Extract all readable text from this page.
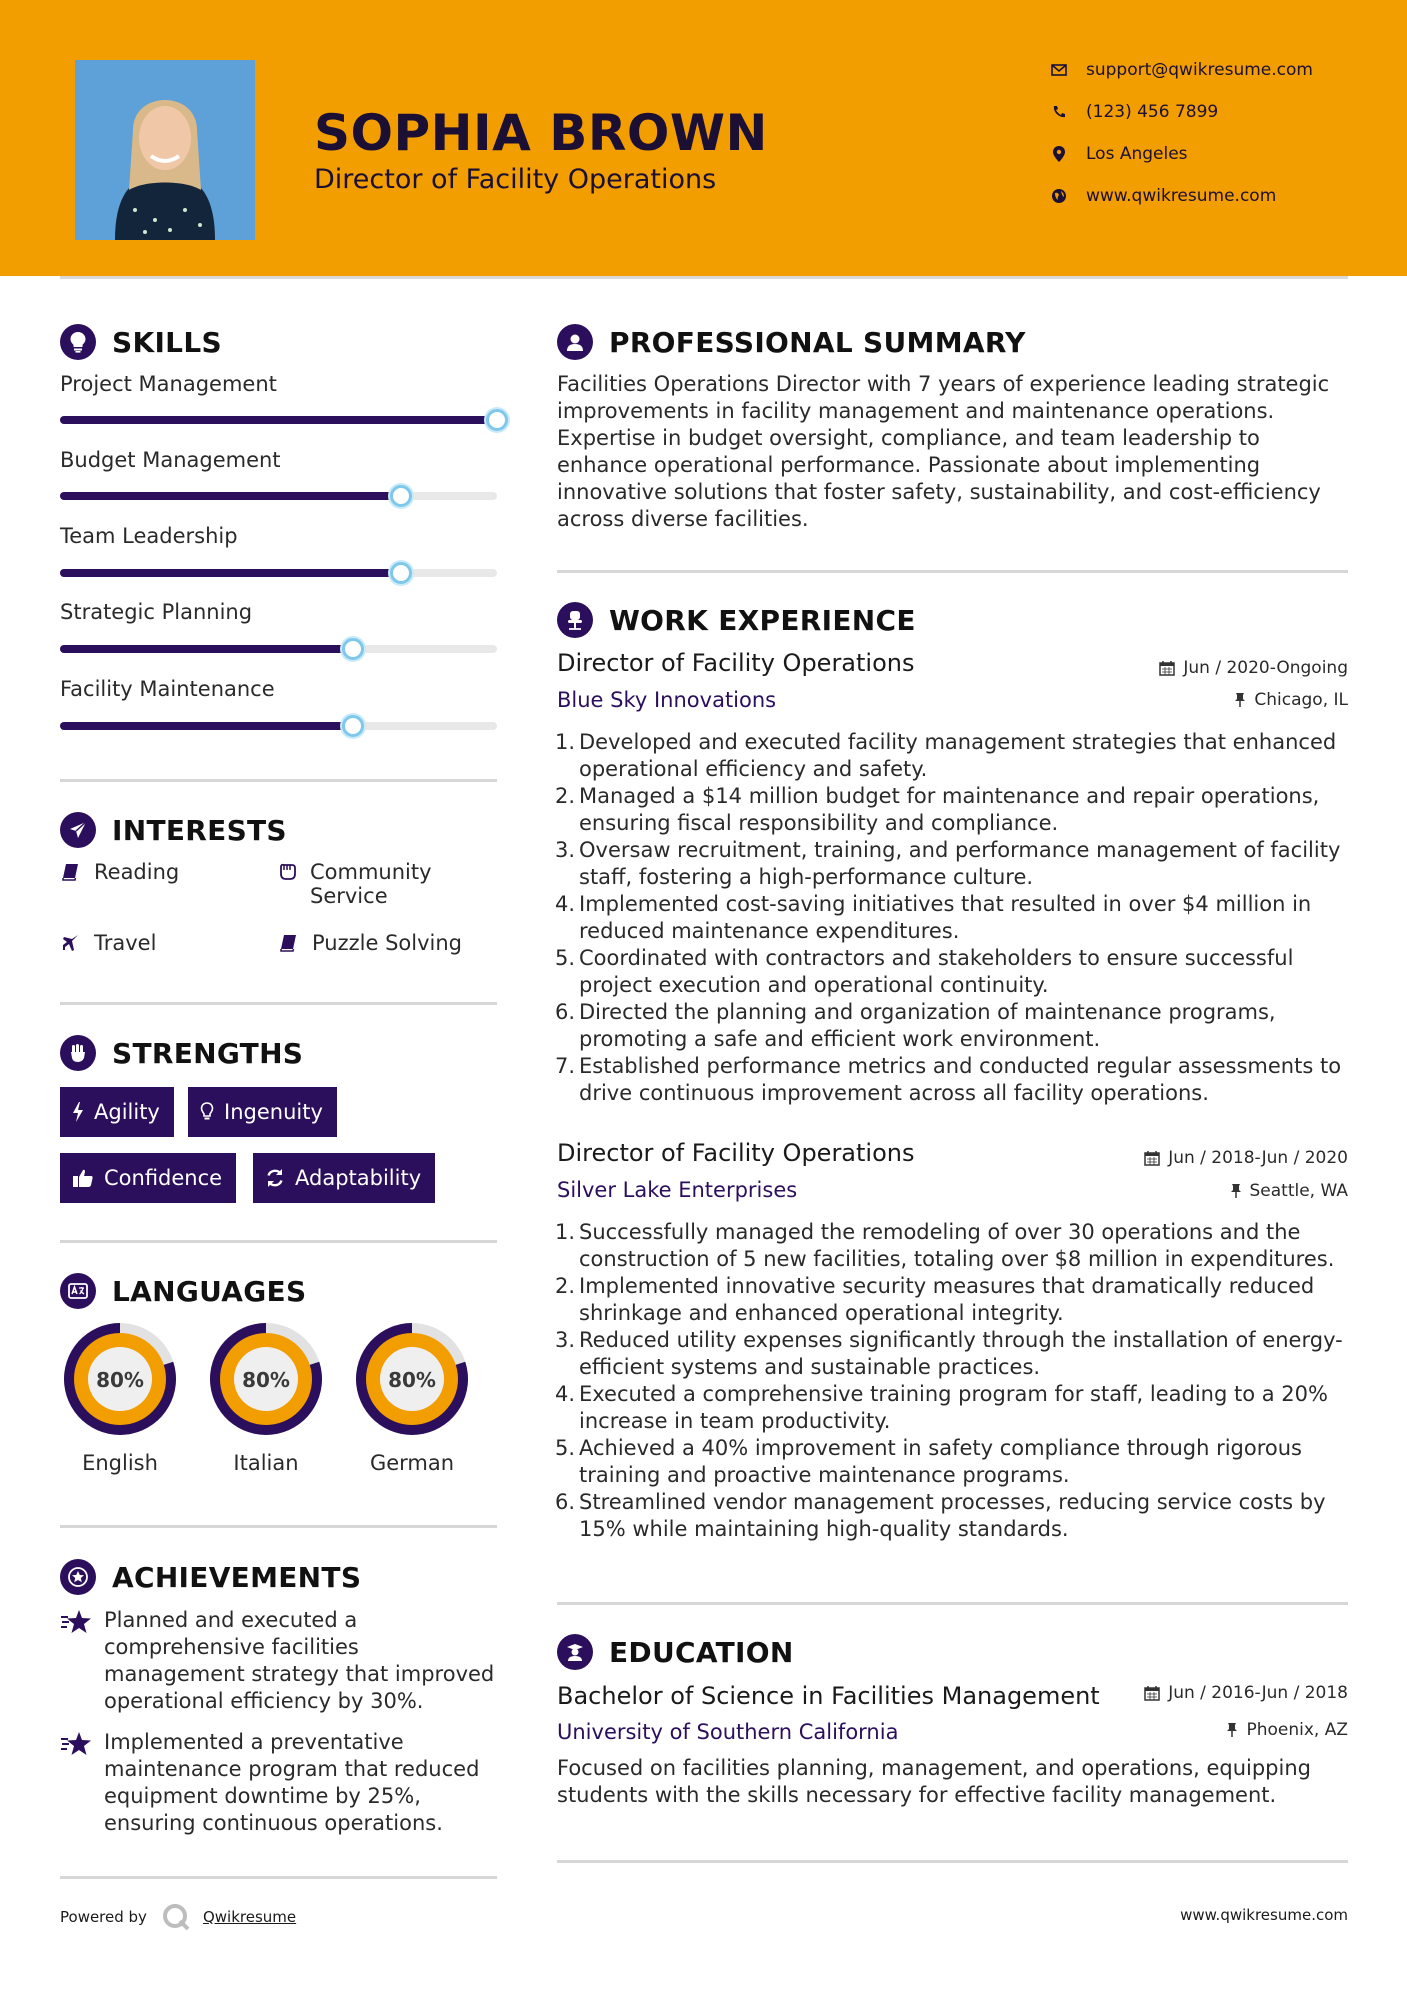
SOPHIA BROWN
Director of Facility Operations
support@qwikresume.com
(123) 456 7899
Los Angeles
www.qwikresume.com
SKILLS
Project Management
Budget Management
Team Leadership
Strategic Planning
Facility Maintenance
INTERESTS
Reading	Community Service
Travel	Puzzle Solving
STRENGTHS
Agility	Ingenuity
Confidence	Adaptability
LANGUAGES
80%
English
80%
Italian
80%
German
ACHIEVEMENTS
Planned and executed a comprehensive facilities management strategy that improved operational efficiency by 30%.
Implemented a preventative maintenance program that reduced equipment downtime by 25%, ensuring continuous operations.
PROFESSIONAL SUMMARY
Facilities Operations Director with 7 years of experience leading strategic improvements in facility management and maintenance operations. Expertise in budget oversight, compliance, and team leadership to enhance operational performance. Passionate about implementing innovative solutions that foster safety, sustainability, and cost-efficiency across diverse facilities.
WORK EXPERIENCE
Director of Facility Operations	Jun / 2020-Ongoing
Blue Sky Innovations	Chicago, IL
1. Developed and executed facility management strategies that enhanced operational efficiency and safety.
2. Managed a $14 million budget for maintenance and repair operations, ensuring fiscal responsibility and compliance.
3. Oversaw recruitment, training, and performance management of facility staff, fostering a high-performance culture.
4. Implemented cost-saving initiatives that resulted in over $4 million in reduced maintenance expenditures.
5. Coordinated with contractors and stakeholders to ensure successful project execution and operational continuity.
6. Directed the planning and organization of maintenance programs, promoting a safe and efficient work environment.
7. Established performance metrics and conducted regular assessments to drive continuous improvement across all facility operations.
Director of Facility Operations	Jun / 2018-Jun / 2020
Silver Lake Enterprises	Seattle, WA
1. Successfully managed the remodeling of over 30 operations and the construction of 5 new facilities, totaling over $8 million in expenditures.
2. Implemented innovative security measures that dramatically reduced shrinkage and enhanced operational integrity.
3. Reduced utility expenses significantly through the installation of energy-efficient systems and sustainable practices.
4. Executed a comprehensive training program for staff, leading to a 20% increase in team productivity.
5. Achieved a 40% improvement in safety compliance through rigorous training and proactive maintenance programs.
6. Streamlined vendor management processes, reducing service costs by 15% while maintaining high-quality standards.
EDUCATION
Bachelor of Science in Facilities Management	Jun / 2016-Jun / 2018
University of Southern California	Phoenix, AZ
Focused on facilities planning, management, and operations, equipping students with the skills necessary for effective facility management.
Powered by	Qwikresume	www.qwikresume.com
